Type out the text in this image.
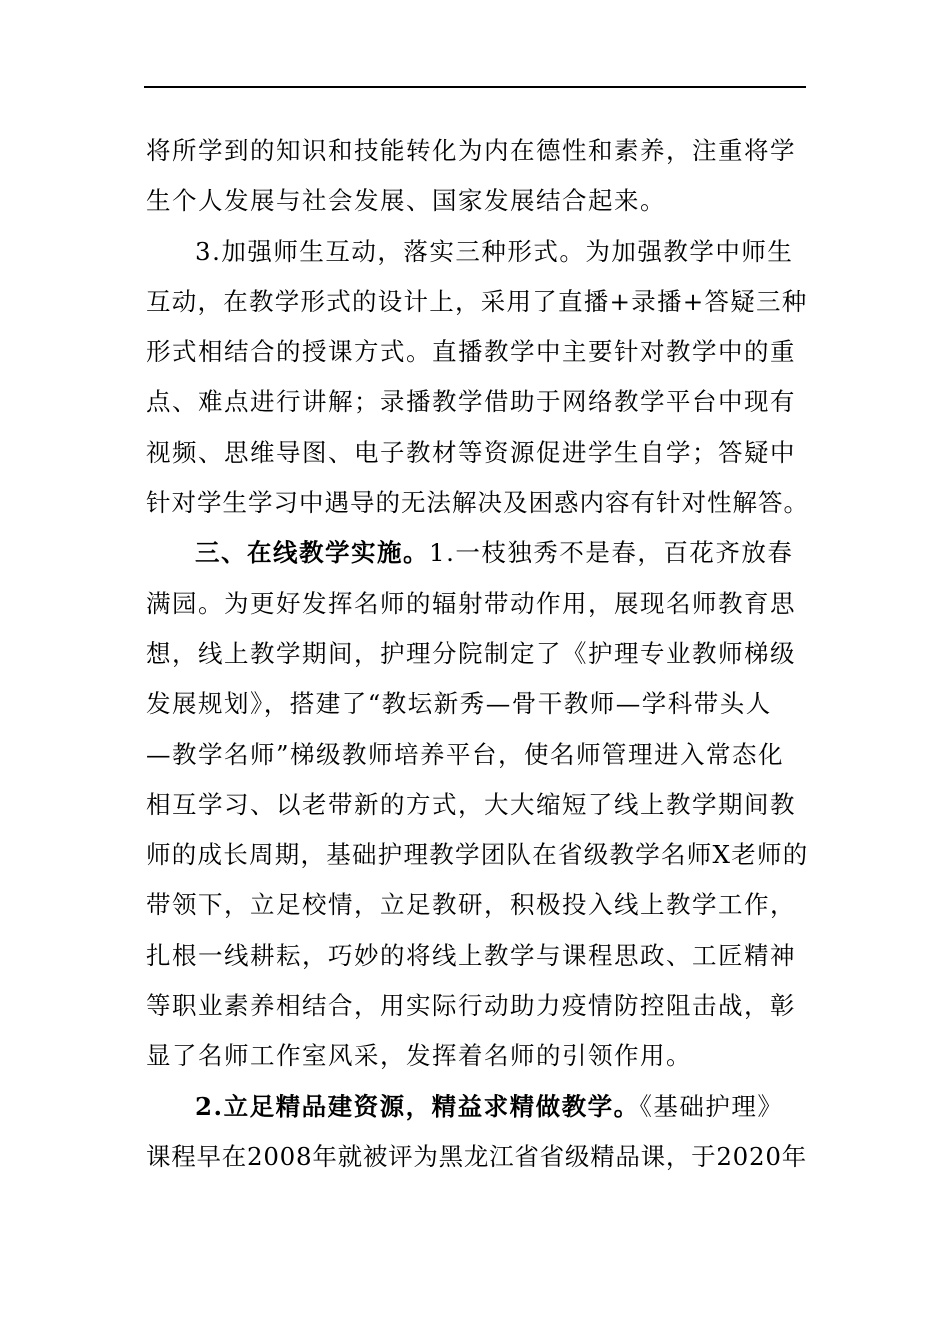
将所学到的知识和技能转化为内在德性和素养，注重将学
生个人发展与社会发展、国家发展结合起来。
3.加强师生互动，落实三种形式。为加强教学中师生
互动，在教学形式的设计上，采用了直播+录播+答疑三种
形式相结合的授课方式。直播教学中主要针对教学中的重
点、难点进行讲解；录播教学借助于网络教学平台中现有
视频、思维导图、电子教材等资源促进学生自学；答疑中
针对学生学习中遇导的无法解决及困惑内容有针对性解答。
三、在线教学实施。1.一枝独秀不是春，百花齐放春
满园。为更好发挥名师的辐射带动作用，展现名师教育思
想，线上教学期间，护理分院制定了《护理专业教师梯级
发展规划》，搭建了“教坛新秀—骨干教师—学科带头人
—教学名师”梯级教师培养平台，使名师管理进入常态化
相互学习、以老带新的方式，大大缩短了线上教学期间教
师的成长周期，基础护理教学团队在省级教学名师X老师的
带领下，立足校情，立足教研，积极投入线上教学工作，
扎根一线耕耘，巧妙的将线上教学与课程思政、工匠精神
等职业素养相结合，用实际行动助力疫情防控阻击战，彰
显了名师工作室风采，发挥着名师的引领作用。
2.立足精品建资源，精益求精做教学。《基础护理》
课程早在2008年就被评为黑龙江省省级精品课，于2020年
